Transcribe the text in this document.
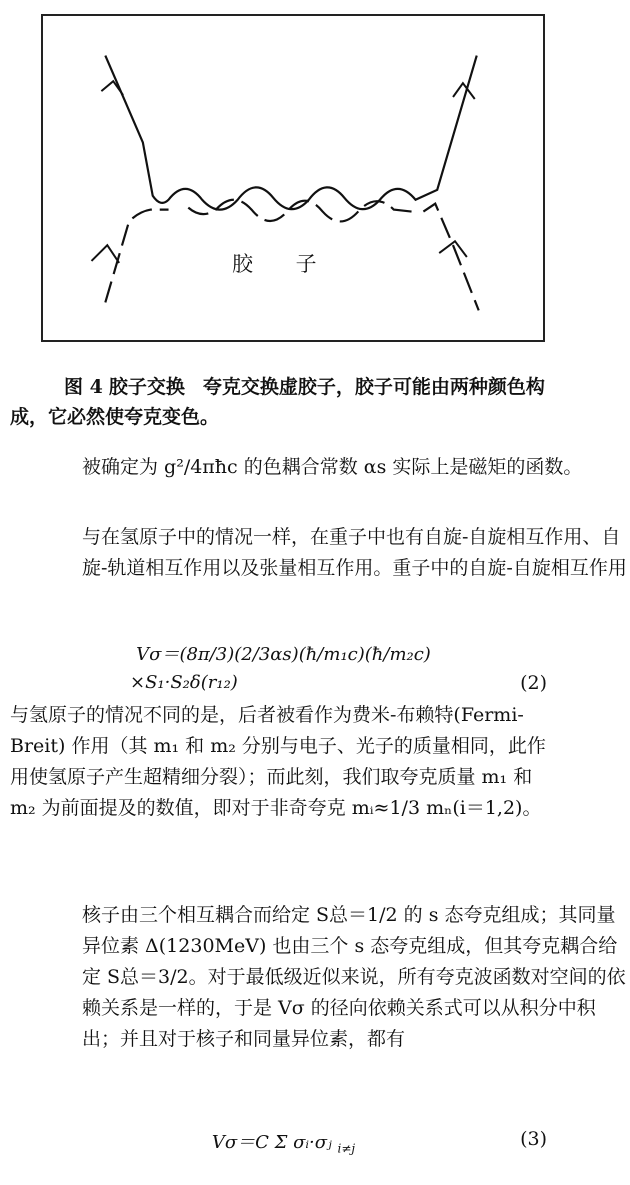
胶 子
图 4 胶子交换 夸克交换虚胶子，胶子可能由两种颜色构成，它必然使夸克变色。
被确定为 g²/4πħc 的色耦合常数 αs 实际上是磁矩的函数。
与在氢原子中的情况一样，在重子中也有自旋-自旋相互作用、自旋-轨道相互作用以及张量相互作用。重子中的自旋-自旋相互作用
Vσ＝(8π/3)(2/3αs)(ħ/m₁c)(ħ/m₂c)
×S₁·S₂δ(r₁₂)	(2)
与氢原子的情况不同的是，后者被看作为费米-布赖特(Fermi-Breit) 作用（其 m₁ 和 m₂ 分别与电子、光子的质量相同，此作用使氢原子产生超精细分裂）；而此刻，我们取夸克质量 m₁ 和 m₂ 为前面提及的数值，即对于非奇夸克 mᵢ≈1/3 mₙ(i＝1,2)。
核子由三个相互耦合而给定 S总＝1/2 的 s 态夸克组成；其同量异位素 Δ(1230MeV) 也由三个 s 态夸克组成，但其夸克耦合给定 S总＝3/2。对于最低级近似来说，所有夸克波函数对空间的依赖关系是一样的，于是 Vσ 的径向依赖关系式可以从积分中积出；并且对于核子和同量异位素，都有
Vσ＝C Σ σᵢ·σⱼ $_{i\ne j}$	(3)
